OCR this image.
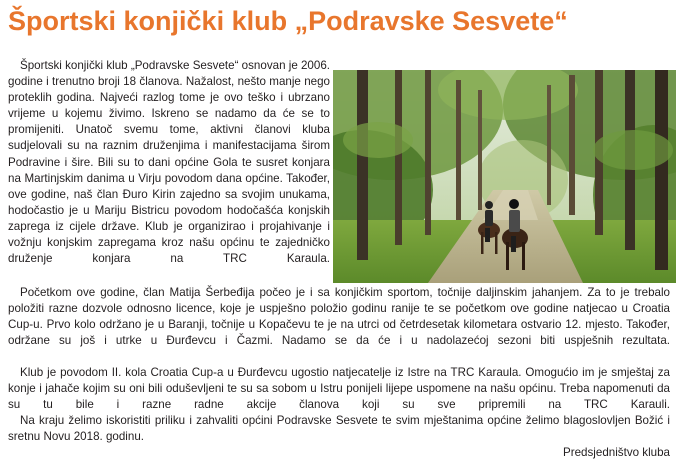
Športski konjički klub „Podravske Sesvete“

Športski konjički klub „Podravske Sesvete“ osnovan je 2006. godine i trenutno broji 18 članova. Nažalost, nešto manje nego proteklih godina. Najveći razlog tome je ovo teško i ubrzano vrijeme u kojemu živimo. Iskreno se nadamo da će se to promijeniti. Unatoč svemu tome, aktivni članovi kluba sudjelovali su na raznim druženjima i manifestacijama širom Podravine i šire. Bili su to dani općine Gola te susret konjara na Martinjskim danima u Virju povodom dana općine. Također, ove godine, naš član Đuro Kirin zajedno sa svojim unukama, hodočastio je u Mariju Bistricu povodom hodočašća konjskih zaprega iz cijele države. Klub je organizirao i projahivanje i vožnju konjskim zapregama kroz našu općinu te zajedničko druženje konjara na TRC Karaula.

Početkom ove godine, član Matija Šerbeđija počeo je i sa konjičkim sportom, točnije daljinskim jahanjem. Za to je trebalo položiti razne dozvole odnosno licence, koje je uspješno položio godinu ranije te se početkom ove godine natjecao u Croatia Cup-u. Prvo kolo održano je u Baranji, točnije u Kopačevu te je na utrci od četrdesetak kilometara ostvario 12. mjesto. Također, održane su još i utrke u Đurđevcu i Čazmi. Nadamo se da će i u nadolazećoj sezoni biti uspješnih rezultata.

Klub je povodom II. kola Croatia Cup-a u Đurđevcu ugostio natjecatelje iz Istre na TRC Karaula. Omogućio im je smještaj za konje i jahače kojim su oni bili oduševljeni te su sa sobom u Istru ponijeli lijepe uspomene na našu općinu. Treba napomenuti da su tu bile i razne radne akcije članova koji su sve pripremili na TRC Karauli.

Na kraju želimo iskoristiti priliku i zahvaliti općini Podravske Sesvete te svim mještanima općine želimo blagoslovljen Božić i sretnu Novu 2018. godinu.

Predsjedništvo kluba
